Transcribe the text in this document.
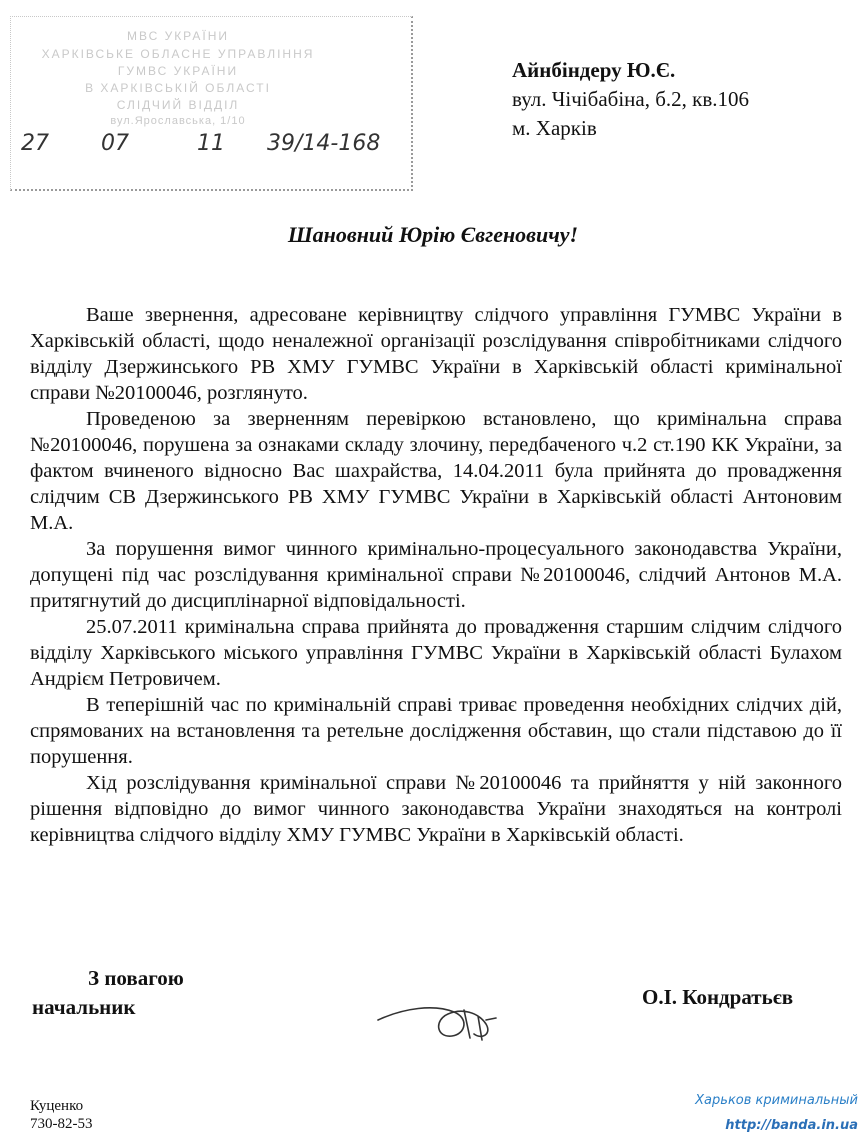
МВС УКРАЇНИ
ХАРКІВСЬКЕ ОБЛАСНЕ УПРАВЛІННЯ
ГУМВС УКРАЇНИ
В ХАРКІВСЬКІЙ ОБЛАСТІ
СЛІДЧИЙ ВІДДІЛ
вул.Ярославська, 1/10
27 07	11 39/14-168
Айнбіндеру Ю.Є.
вул. Чічібабіна, б.2, кв.106
м. Харків
Шановний Юрію Євгеновичу!

Ваше звернення, адресоване керівництву слідчого управління ГУМВС України в Харківській області, щодо неналежної організації розслідування співробітниками слідчого відділу Дзержинського РВ ХМУ ГУМВС України в Харківській області кримінальної справи №20100046, розглянуто.

Проведеною за зверненням перевіркою встановлено, що кримінальна справа №20100046, порушена за ознаками складу злочину, передбаченого ч.2 ст.190 КК України, за фактом вчиненого відносно Вас шахрайства, 14.04.2011 була прийнята до провадження слідчим СВ Дзержинського РВ ХМУ ГУМВС України в Харківській області Антоновим М.А.

За порушення вимог чинного кримінально-процесуального законодавства України, допущені під час розслідування кримінальної справи №20100046, слідчий Антонов М.А. притягнутий до дисциплінарної відповідальності.

25.07.2011 кримінальна справа прийнята до провадження старшим слідчим слідчого відділу Харківського міського управління ГУМВС України в Харківській області Булахом Андрієм Петровичем.

В теперішній час по кримінальній справі триває проведення необхідних слідчих дій, спрямованих на встановлення та ретельне дослідження обставин, що стали підставою до її порушення.

Хід розслідування кримінальної справи №20100046 та прийняття у ній законного рішення відповідно до вимог чинного законодавства України знаходяться на контролі керівництва слідчого відділу ХМУ ГУМВС України в Харківській області.

З повагою
начальник	О.І. Кондратьєв
Куценко
730-82-53
Харьков криминальный
http://banda.in.ua
